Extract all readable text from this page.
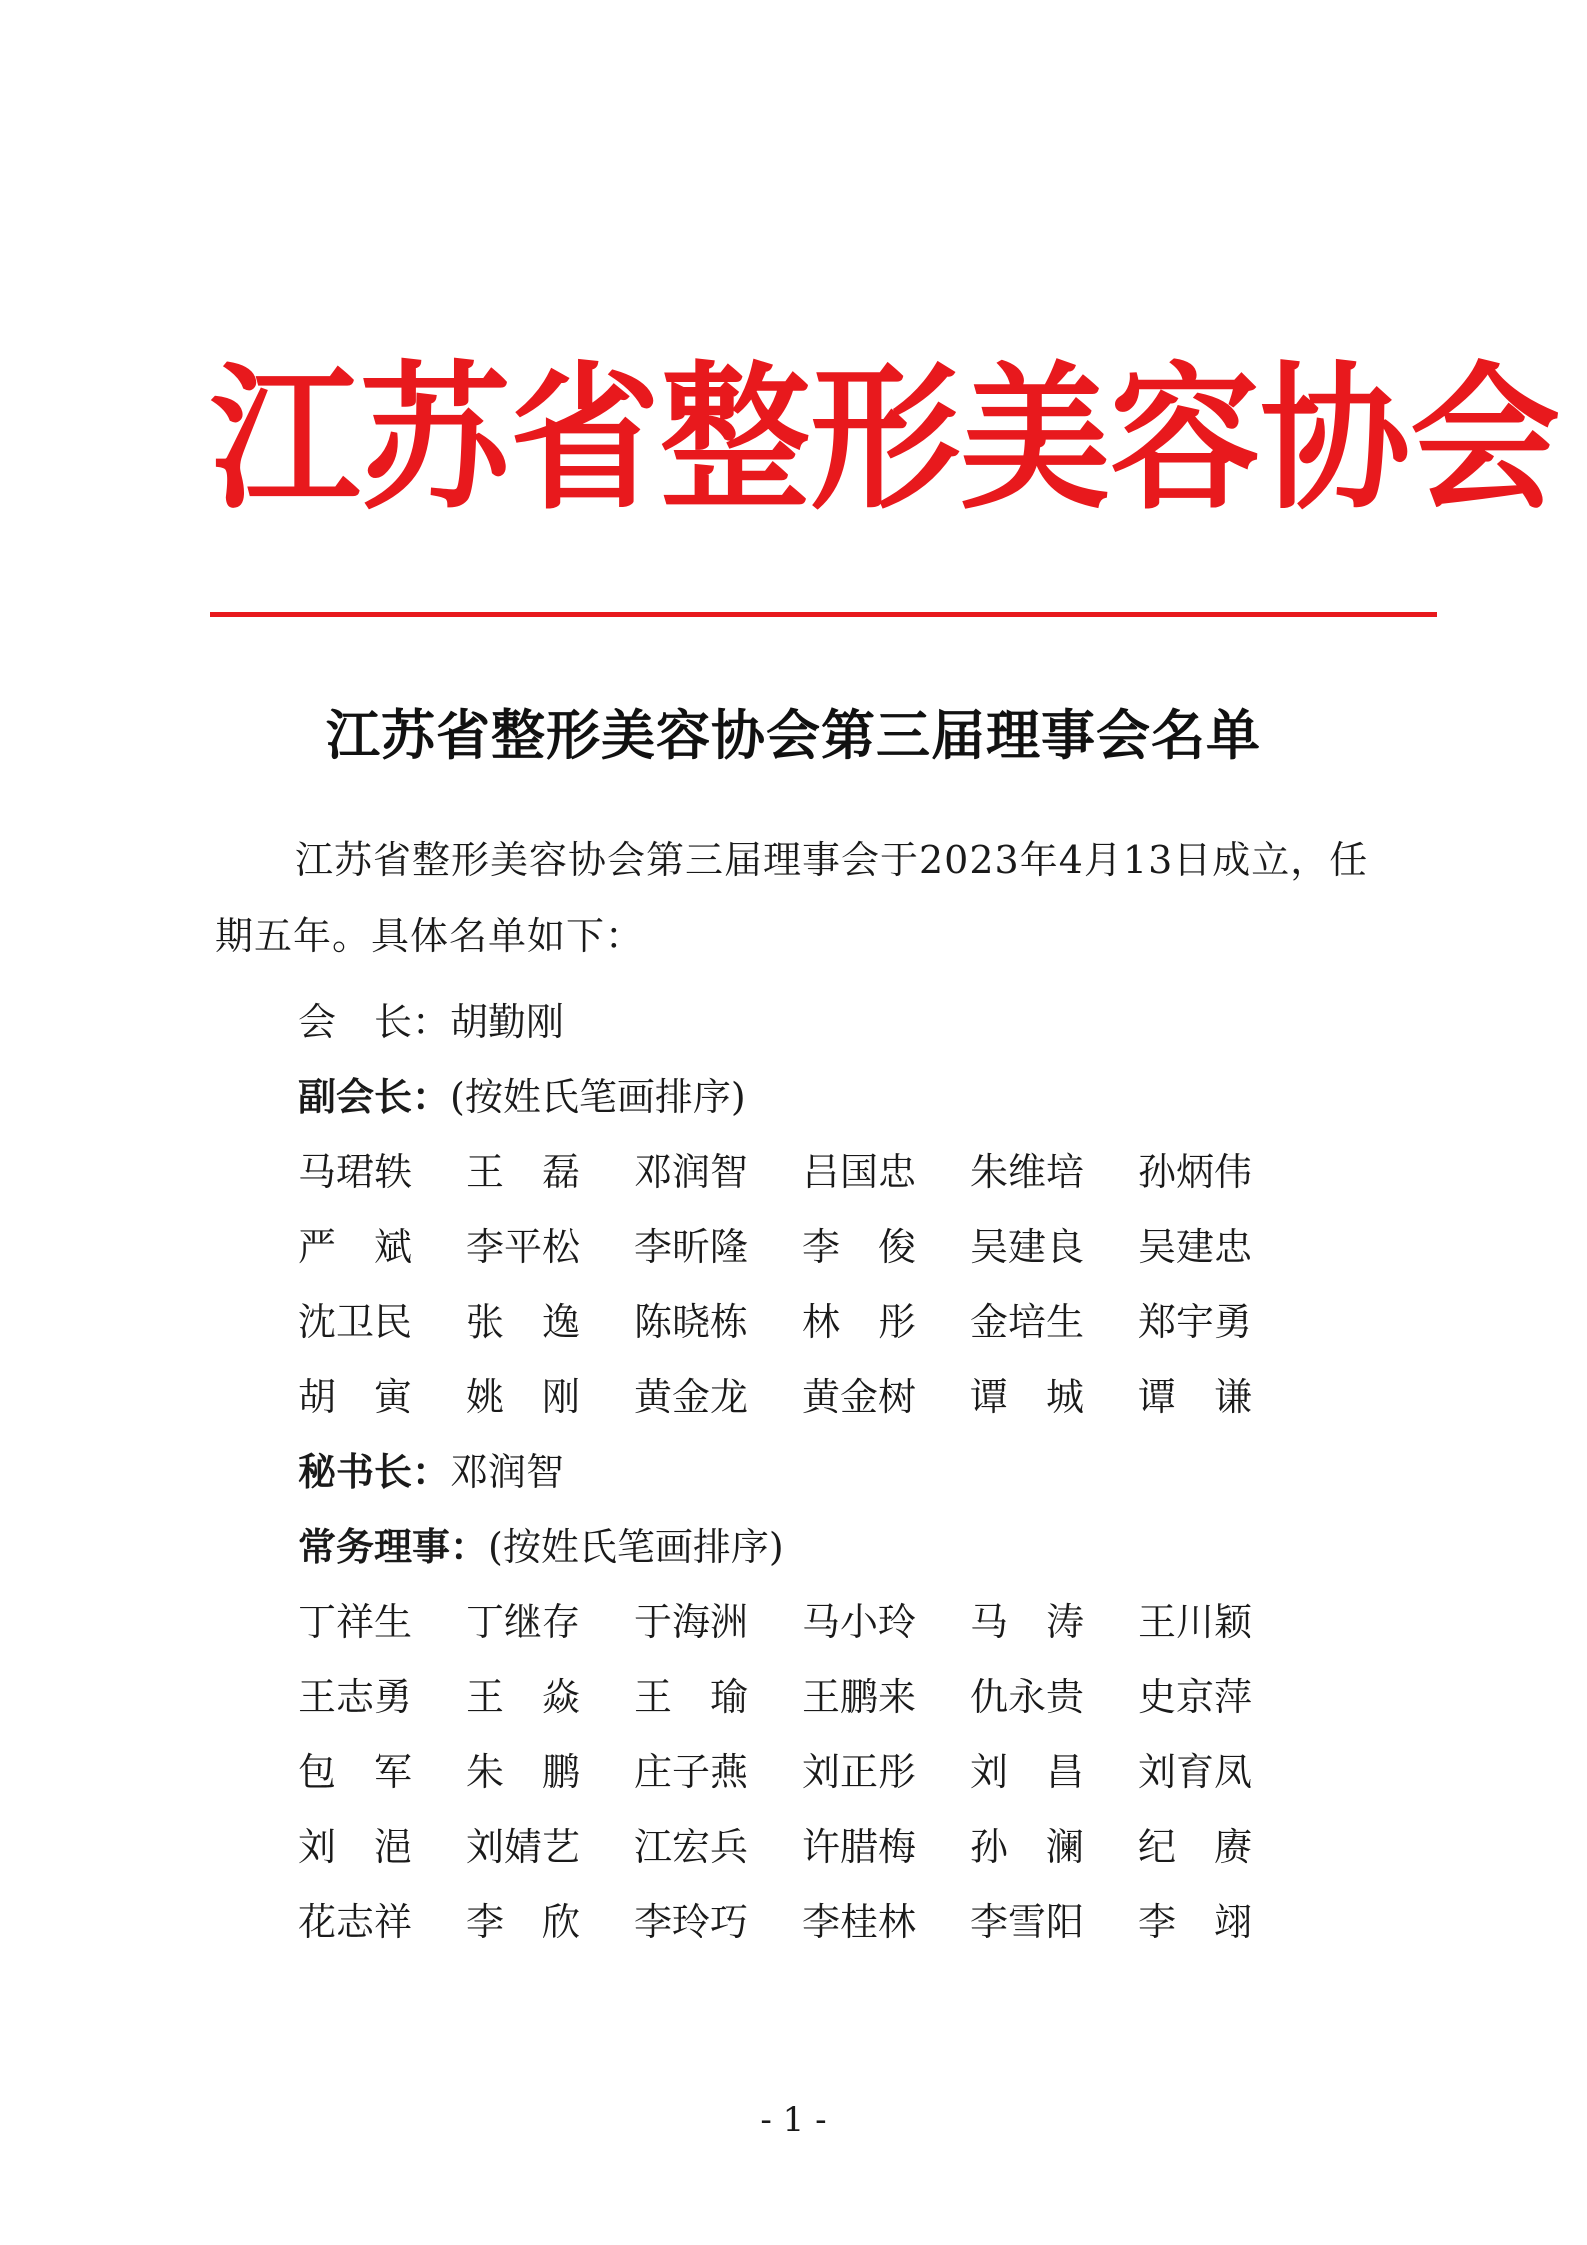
江 苏 省 整 形 美 容 协 会
江苏省整形美容协会第三届理事会名单
江苏省整形美容协会第三届理事会于2023年4月13日成立，任期五年。具体名单如下：
会　长：胡勤刚
副会长：(按姓氏笔画排序)
马珺轶	王　磊	邓润智	吕国忠	朱维培	孙炳伟
严　斌	李平松	李昕隆	李　俊	吴建良	吴建忠
沈卫民	张　逸	陈晓栋	林　彤	金培生	郑宇勇
胡　寅	姚　刚	黄金龙	黄金树	谭　城	谭　谦
秘书长：邓润智
常务理事：(按姓氏笔画排序)
丁祥生	丁继存	于海洲	马小玲	马　涛	王川颖
王志勇	王　焱	王　瑜	王鹏来	仇永贵	史京萍
包　军	朱　鹏	庄子燕	刘正彤	刘　昌	刘育凤
刘　浥	刘婧艺	江宏兵	许腊梅	孙　澜	纪　赓
花志祥	李　欣	李玲巧	李桂林	李雪阳	李　翊
- 1 -
